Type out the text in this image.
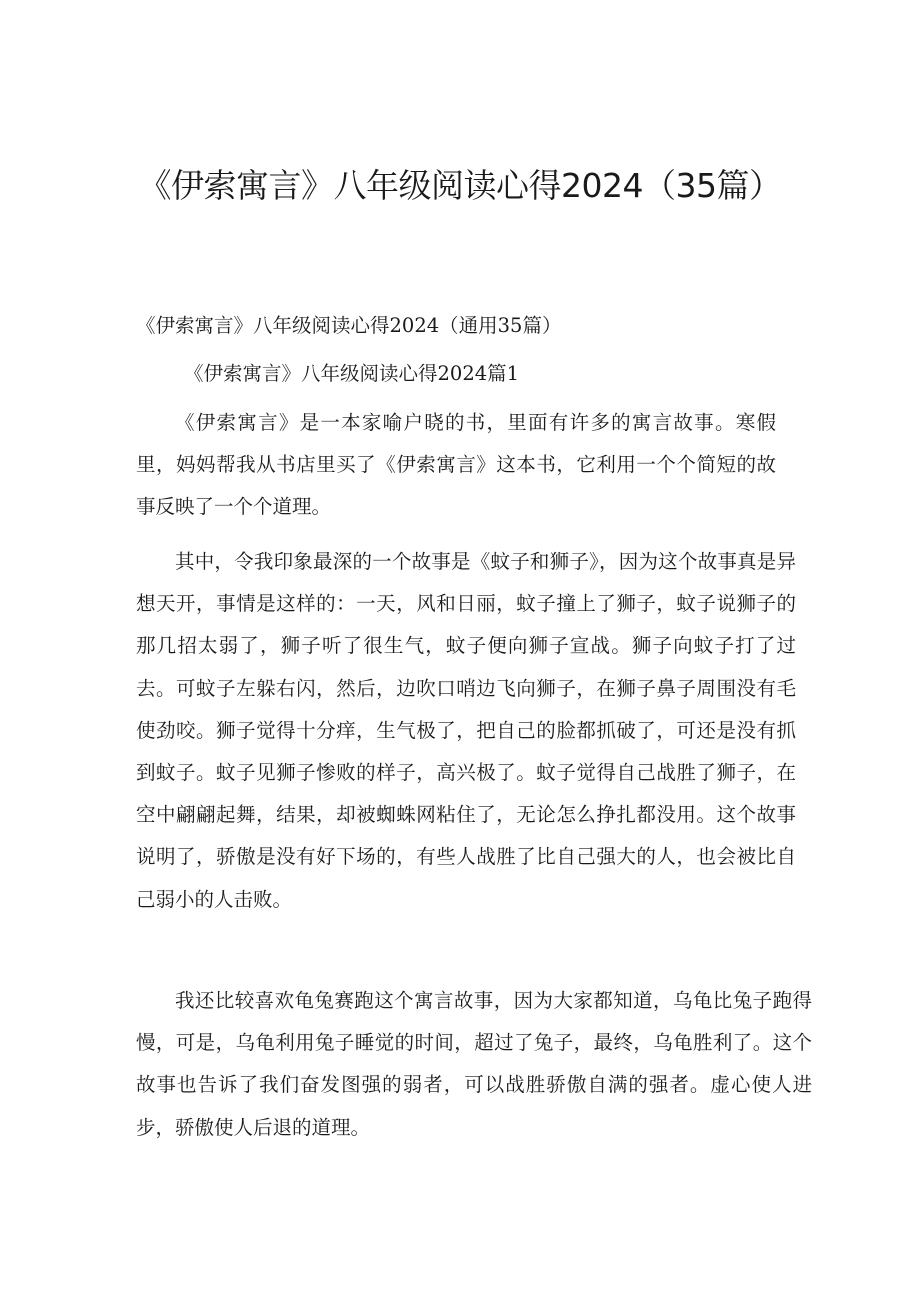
《伊索寓言》八年级阅读心得2024（35篇）
《伊索寓言》八年级阅读心得2024（通用35篇）
《伊索寓言》八年级阅读心得2024篇1

《伊索寓言》是一本家喻户晓的书，里面有许多的寓言故事。寒假里，妈妈帮我从书店里买了《伊索寓言》这本书，它利用一个个简短的故事反映了一个个道理。

其中，令我印象最深的一个故事是《蚊子和狮子》，因为这个故事真是异想天开，事情是这样的：一天，风和日丽，蚊子撞上了狮子，蚊子说狮子的那几招太弱了，狮子听了很生气，蚊子便向狮子宣战。狮子向蚊子打了过去。可蚊子左躲右闪，然后，边吹口哨边飞向狮子，在狮子鼻子周围没有毛使劲咬。狮子觉得十分痒，生气极了，把自己的脸都抓破了，可还是没有抓到蚊子。蚊子见狮子惨败的样子，高兴极了。蚊子觉得自己战胜了狮子，在空中翩翩起舞，结果，却被蜘蛛网粘住了，无论怎么挣扎都没用。这个故事说明了，骄傲是没有好下场的，有些人战胜了比自己强大的人，也会被比自己弱小的人击败。

我还比较喜欢龟兔赛跑这个寓言故事，因为大家都知道，乌龟比兔子跑得慢，可是，乌龟利用兔子睡觉的时间，超过了兔子，最终，乌龟胜利了。这个故事也告诉了我们奋发图强的弱者，可以战胜骄傲自满的强者。虚心使人进步，骄傲使人后退的道理。
